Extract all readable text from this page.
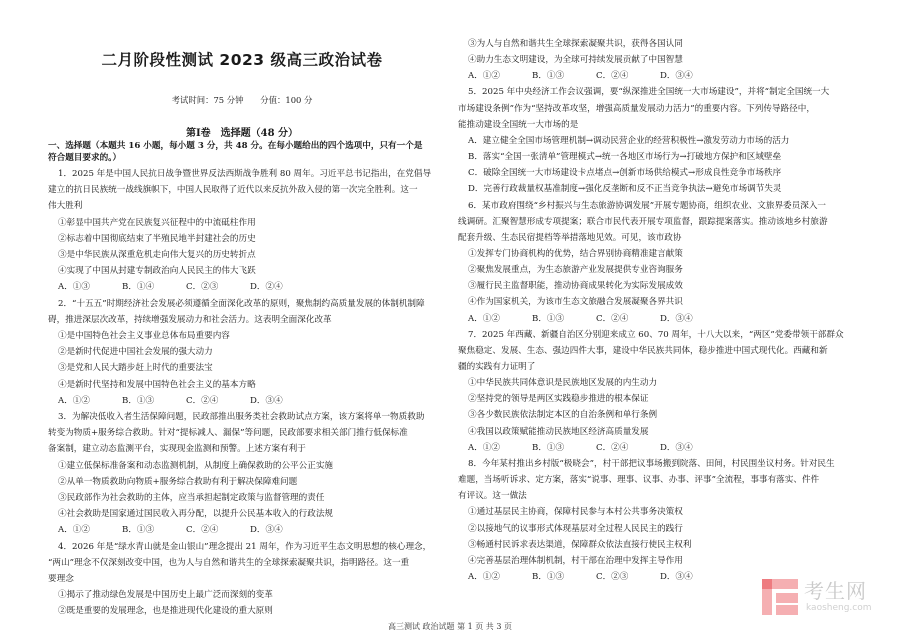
二月阶段性测试 2023 级高三政治试卷
考试时间：75 分钟　　分值：100 分
第Ⅰ卷　选择题（48 分）
一、选择题（本题共 16 小题，每小题 3 分，共 48 分。在每小题给出的四个选项中，只有一个是
符合题目要求的。）
1．2025 年是中国人民抗日战争暨世界反法西斯战争胜利 80 周年。习近平总书记指出，在党倡导
建立的抗日民族统一战线旗帜下，中国人民取得了近代以来反抗外敌入侵的第一次完全胜利。这一
伟大胜利
①彰显中国共产党在民族复兴征程中的中流砥柱作用
②标志着中国彻底结束了半殖民地半封建社会的历史
③是中华民族从深重危机走向伟大复兴的历史转折点
④实现了中国从封建专制政治向人民民主的伟大飞跃
A．①③	B．①④	C．②③	D．②④
2．“十五五”时期经济社会发展必须遵循全面深化改革的原则，聚焦制约高质量发展的体制机制障
碍，推进深层次改革，持续增强发展动力和社会活力。这表明全面深化改革
①是中国特色社会主义事业总体布局重要内容
②是新时代促进中国社会发展的强大动力
③是党和人民大踏步赶上时代的重要法宝
④是新时代坚持和发展中国特色社会主义的基本方略
A．①②	B．①③	C．②④	D．③④
3．为解决低收入者生活保障问题，民政部推出服务类社会救助试点方案，该方案将单一物质救助
转变为物质+服务综合救助。针对“提标减人、漏保”等问题，民政部要求相关部门推行低保标准
备案制，建立动态监测平台，实现现金监测和预警。上述方案有利于
①建立低保标准备案和动态监测机制，从制度上确保救助的公平公正实施
②从单一物质救助向物质+服务综合救助有利于解决保障难问题
③民政部作为社会救助的主体，应当承担起制定政策与监督管理的责任
④社会救助是国家通过国民收入再分配，以提升公民基本收入的行政法规
A．①②	B．①③	C．②④	D．③④
4．2026 年是“绿水青山就是金山银山”理念提出 21 周年，作为习近平生态文明思想的核心理念，
“两山”理念不仅深刻改变中国，也为人与自然和谐共生的全球探索凝聚共识，指明路径。这一重
要理念
①揭示了推动绿色发展是中国历史上最广泛而深刻的变革
②既是重要的发展理念，也是推进现代化建设的重大原则
③为人与自然和谐共生全球探索凝聚共识，获得各国认同
④助力生态文明建设，为全球可持续发展贡献了中国智慧
A．①②	B．①③	C．②④	D．③④
5．2025 年中央经济工作会议强调，要“纵深推进全国统一大市场建设”，并将“制定全国统一大
市场建设条例”作为“坚持改革攻坚，增强高质量发展动力活力”的重要内容。下列传导路径中，
能推动建设全国统一大市场的是
A．建立健全全国市场管理机制→调动民营企业的经营积极性→激发劳动力市场的活力
B．落实“全国一张清单”管理模式→统一各地区市场行为→打破地方保护和区域壁垒
C．破除全国统一大市场建设卡点堵点→创新市场供给模式→形成良性竞争市场秩序
D．完善行政裁量权基准制度→强化反垄断和反不正当竞争执法→避免市场调节失灵
6．某市政府围绕“乡村振兴与生态旅游协调发展”开展专题协商，组织农业、文旅界委员深入一
线调研。汇聚智慧形成专项提案；联合市民代表开展专项监督，跟踪提案落实。推动该地乡村旅游
配套升级、生态民宿提档等举措落地见效。可见，该市政协
①发挥专门协商机构的优势，结合界别协商精准建言献策
②聚焦发展重点，为生态旅游产业发展提供专业咨询服务
③履行民主监督职能，推动协商成果转化为实际发展成效
④作为国家机关，为该市生态文旅融合发展凝聚各界共识
A．①②	B．①③	C．②④	D．③④
7．2025 年西藏、新疆自治区分别迎来成立 60、70 周年，十八大以来，“两区”党委带领干部群众
聚焦稳定、发展、生态、强边四件大事，建设中华民族共同体，稳步推进中国式现代化。西藏和新
疆的实践有力证明了
①中华民族共同体意识是民族地区发展的内生动力
②坚持党的领导是两区实践稳步推进的根本保证
③各少数民族依法制定本区的自治条例和单行条例
④我国以政策赋能推动民族地区经济高质量发展
A．①②	B．①③	C．②④	D．③④
8．今年某村推出乡村版“极晓会”，村干部把议事场搬到院落、田间，村民围坐议村务。针对民生
难题，当场听诉求、定方案，落实“说事、理事、议事、办事、评事”全流程，事事有落实、件件
有评议。这一做法
①通过基层民主协商，保障村民参与本村公共事务决策权
②以接地气的议事形式体现基层对全过程人民民主的践行
③畅通村民诉求表达渠道，保障群众依法直接行使民主权利
④完善基层治理体制机制，村干部在治理中发挥主导作用
A．①②	B．①③	C．②③	D．③④
高三测试 政治试题 第 1 页 共 3 页
考生网
kaosheng.com
